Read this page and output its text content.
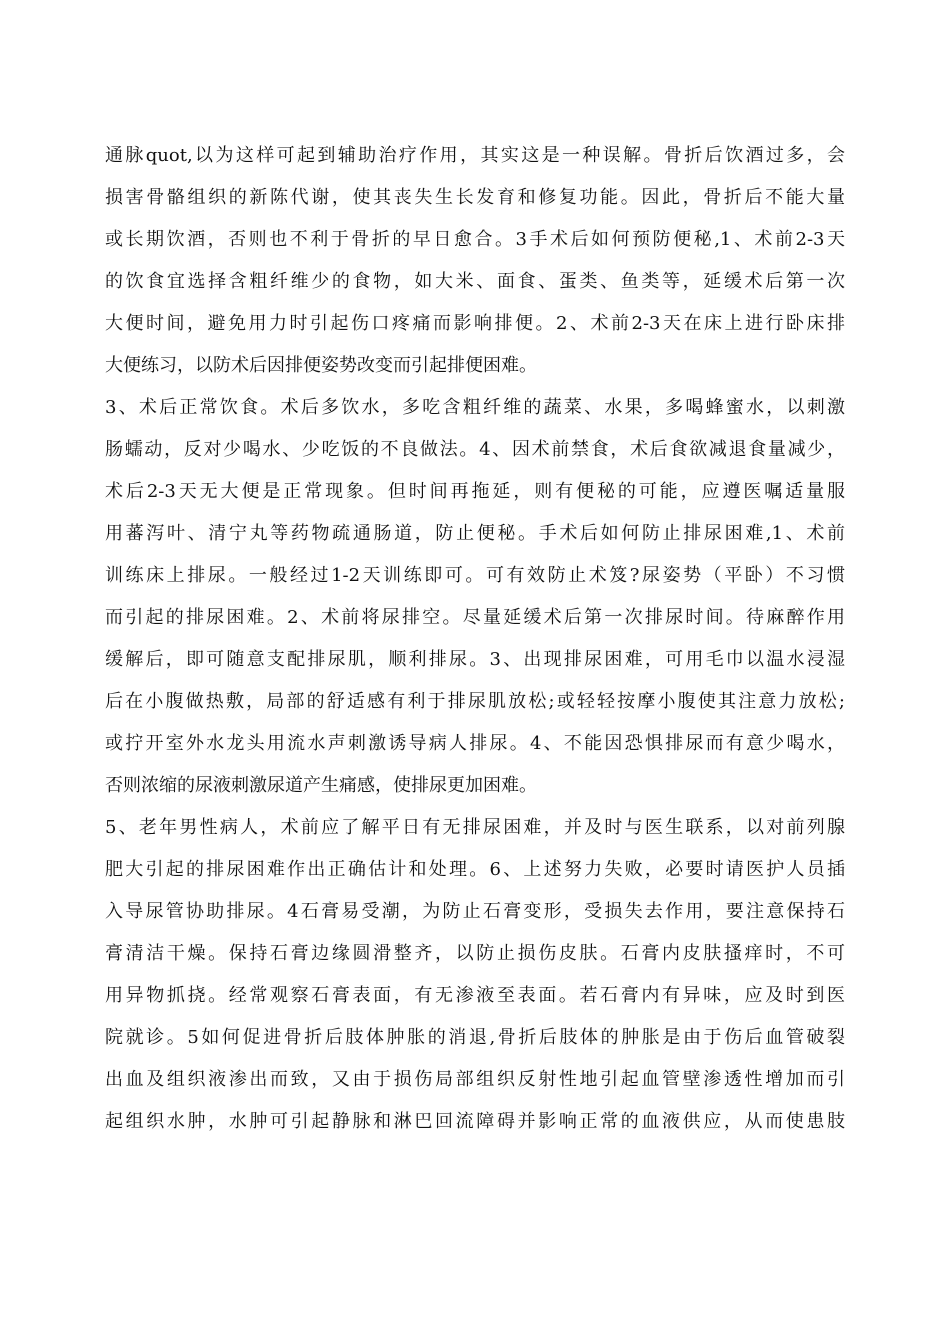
通脉quot,以为这样可起到辅助治疗作用，其实这是一种误解。骨折后饮酒过多，会
损害骨骼组织的新陈代谢，使其丧失生长发育和修复功能。因此，骨折后不能大量
或长期饮酒，否则也不利于骨折的早日愈合。3手术后如何预防便秘,1、术前2-3天
的饮食宜选择含粗纤维少的食物，如大米、面食、蛋类、鱼类等，延缓术后第一次
大便时间，避免用力时引起伤口疼痛而影响排便。2、术前2-3天在床上进行卧床排
大便练习，以防术后因排便姿势改变而引起排便困难。
3、术后正常饮食。术后多饮水，多吃含粗纤维的蔬菜、水果，多喝蜂蜜水，以刺激
肠蠕动，反对少喝水、少吃饭的不良做法。4、因术前禁食，术后食欲减退食量减少，
术后2-3天无大便是正常现象。但时间再拖延，则有便秘的可能，应遵医嘱适量服
用蕃泻叶、清宁丸等药物疏通肠道，防止便秘。手术后如何防止排尿困难,1、术前
训练床上排尿。一般经过1-2天训练即可。可有效防止术笈?尿姿势（平卧）不习惯
而引起的排尿困难。2、术前将尿排空。尽量延缓术后第一次排尿时间。待麻醉作用
缓解后，即可随意支配排尿肌，顺利排尿。3、出现排尿困难，可用毛巾以温水浸湿
后在小腹做热敷，局部的舒适感有利于排尿肌放松;或轻轻按摩小腹使其注意力放松;
或拧开室外水龙头用流水声刺激诱导病人排尿。4、不能因恐惧排尿而有意少喝水，
否则浓缩的尿液刺激尿道产生痛感，使排尿更加困难。
5、老年男性病人，术前应了解平日有无排尿困难，并及时与医生联系，以对前列腺
肥大引起的排尿困难作出正确估计和处理。6、上述努力失败，必要时请医护人员插
入导尿管协助排尿。4石膏易受潮，为防止石膏变形，受损失去作用，要注意保持石
膏清洁干燥。保持石膏边缘圆滑整齐，以防止损伤皮肤。石膏内皮肤搔痒时，不可
用异物抓挠。经常观察石膏表面，有无渗液至表面。若石膏内有异味，应及时到医
院就诊。5如何促进骨折后肢体肿胀的消退,骨折后肢体的肿胀是由于伤后血管破裂
出血及组织液渗出而致，又由于损伤局部组织反射性地引起血管壁渗透性增加而引
起组织水肿，水肿可引起静脉和淋巴回流障碍并影响正常的血液供应，从而使患肢
